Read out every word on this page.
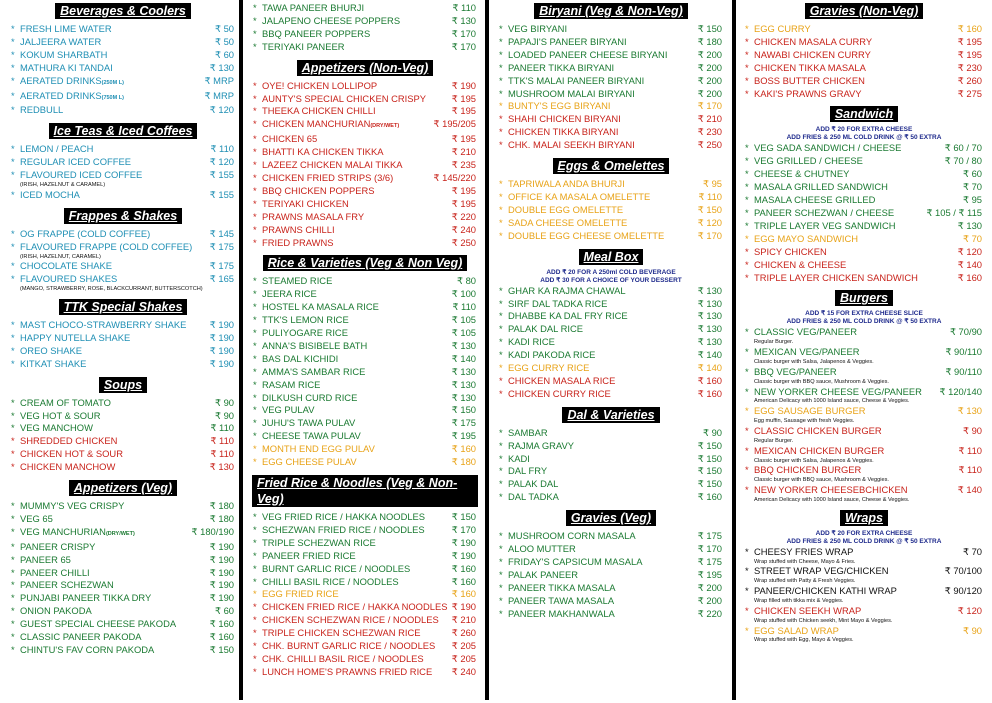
Beverages & Coolers
* FRESH LIME WATER	₹ 50
* JALJEERA WATER	₹ 50
* KOKUM SHARBATH	₹ 60
* MATHURA KI TANDAI	₹ 130
* AERATED DRINKS(250M L)	₹ MRP
* AERATED DRINKS(750M L)	₹ MRP
* REDBULL	₹ 120
Ice Teas & Iced Coffees
* LEMON / PEACH	₹ 110
* REGULAR ICED COFFEE	₹ 120
* FLAVOURED ICED COFFEE	₹ 155
(IRISH, HAZELNUT & CARAMEL)
* ICED MOCHA	₹ 155
Frappes & Shakes
* OG FRAPPE (COLD COFFEE)	₹ 145
* FLAVOURED FRAPPE (COLD COFFEE) ₹ 175
(IRISH, HAZELNUT, CARAMEL)
* CHOCOLATE SHAKE	₹ 175
* FLAVOURED SHAKES	₹ 165
(MANGO, STRAWBERRY, ROSE, BLACKCURRANT, BUTTERSCOTCH)
TTK Special Shakes
* MAST CHOCO-STRAWBERRY SHAKE ₹ 190
* HAPPY NUTELLA SHAKE	₹ 190
* OREO SHAKE	₹ 190
* KITKAT SHAKE	₹ 190
Soups
* CREAM OF TOMATO	₹ 90
* VEG HOT & SOUR	₹ 90
* VEG MANCHOW	₹ 110
* SHREDDED CHICKEN	₹ 110
* CHICKEN HOT & SOUR	₹ 110
* CHICKEN MANCHOW	₹ 130
Appetizers (Veg)
* MUMMY'S VEG CRISPY	₹ 180
* VEG 65	₹ 180
* VEG MANCHURIAN(DRY/WET)	₹ 180/190
* PANEER CRISPY	₹ 190
* PANEER 65	₹ 190
* PANEER CHILLI	₹ 190
* PANEER SCHEZWAN	₹ 190
* PUNJABI PANEER TIKKA DRY	₹ 190
* ONION PAKODA	₹ 60
* GUEST SPECIAL CHEESE PAKODA	₹ 160
* CLASSIC PANEER PAKODA	₹ 160
* CHINTU'S FAV CORN PAKODA	₹ 150
* TAWA PANEER BHURJI	₹ 110
* JALAPENO CHEESE POPPERS	₹ 130
* BBQ PANEER POPPERS	₹ 170
* TERIYAKI PANEER	₹ 170
Appetizers (Non-Veg)
* OYE! CHICKEN LOLLIPOP	₹ 190
* AUNTY'S SPECIAL CHICKEN CRISPY	₹ 195
* THEEKA CHICKEN CHILLI	₹ 195
* CHICKEN MANCHURIAN(DRY/WET)	₹ 195/205
* CHICKEN 65	₹ 195
* BHATTI KA CHICKEN TIKKA	₹ 210
* LAZEEZ CHICKEN MALAI TIKKA	₹ 235
* CHICKEN FRIED STRIPS (3/6)	₹ 145/220
* BBQ CHICKEN POPPERS	₹ 195
* TERIYAKI CHICKEN	₹ 195
* PRAWNS MASALA FRY	₹ 220
* PRAWNS CHILLI	₹ 240
* FRIED PRAWNS	₹ 250
Rice & Varieties (Veg & Non Veg)
* STEAMED RICE	₹ 80
* JEERA RICE	₹ 100
* HOSTEL KA MASALA RICE	₹ 110
* TTK'S LEMON RICE	₹ 105
* PULIYOGARE RICE	₹ 105
* ANNA'S BISIBELE BATH	₹ 130
* BAS DAL KICHIDI	₹ 140
* AMMA'S SAMBAR RICE	₹ 130
* RASAM RICE	₹ 130
* DILKUSH CURD RICE	₹ 130
* VEG PULAV	₹ 150
* JUHU'S TAWA PULAV	₹ 175
* CHEESE TAWA PULAV	₹ 195
* MONTH END EGG PULAV	₹ 160
* EGG CHEESE PULAV	₹ 180
Fried Rice & Noodles (Veg & Non-Veg)
* VEG FRIED RICE / HAKKA NOODLES	₹ 150
* SCHEZWAN FRIED RICE / NOODLES	₹ 170
* TRIPLE SCHEZWAN RICE	₹ 190
* PANEER FRIED RICE	₹ 190
* BURNT GARLIC RICE / NOODLES	₹ 160
* CHILLI BASIL RICE / NOODLES	₹ 160
* EGG FRIED RICE	₹ 160
* CHICKEN FRIED RICE / HAKKA NOODLES ₹ 190
* CHICKEN SCHEZWAN RICE / NOODLES ₹ 210
* TRIPLE CHICKEN SCHEZWAN RICE	₹ 260
* CHK. BURNT GARLIC RICE / NOODLES ₹ 205
* CHK. CHILLI BASIL RICE / NOODLES	₹ 205
* LUNCH HOME'S PRAWNS FRIED RICE ₹ 240
Biryani (Veg & Non-Veg)
* VEG BIRYANI	₹ 150
* PAPAJI'S PANEER BIRYANI	₹ 180
* LOADED PANEER CHEESE BIRYANI	₹ 200
* PANEER TIKKA BIRYANI	₹ 200
* TTK'S MALAI PANEER BIRYANI	₹ 200
* MUSHROOM MALAI BIRYANI	₹ 200
* BUNTY'S EGG BIRYANI	₹ 170
* SHAHI CHICKEN BIRYANI	₹ 210
* CHICKEN TIKKA BIRYANI	₹ 230
* CHK. MALAI SEEKH BIRYANI	₹ 250
Eggs & Omelettes
* TAPRIWALA ANDA BHURJI	₹ 95
* OFFICE KA MASALA OMELETTE	₹ 110
* DOUBLE EGG OMELETTE	₹ 150
* SADA CHEESE OMELETTE	₹ 120
* DOUBLE EGG CHEESE OMELETTE	₹ 170
Meal Box
ADD ₹ 20 FOR A 250ml COLD BEVERAGE
ADD ₹ 30 FOR A CHOICE OF YOUR DESSERT
* GHAR KA RAJMA CHAWAL	₹ 130
* SIRF DAL TADKA RICE	₹ 130
* DHABBE KA DAL FRY RICE	₹ 130
* PALAK DAL RICE	₹ 130
* KADI RICE	₹ 130
* KADI PAKODA RICE	₹ 140
* EGG CURRY RICE	₹ 140
* CHICKEN MASALA RICE	₹ 160
* CHICKEN CURRY RICE	₹ 160
Dal & Varieties
* SAMBAR	₹ 90
* RAJMA GRAVY	₹ 150
* KADI	₹ 150
* DAL FRY	₹ 150
* PALAK DAL	₹ 150
* DAL TADKA	₹ 160
Gravies (Veg)
* MUSHROOM CORN MASALA	₹ 175
* ALOO MUTTER	₹ 170
* FRIDAY'S CAPSICUM MASALA	₹ 175
* PALAK PANEER	₹ 195
* PANEER TIKKA MASALA	₹ 200
* PANEER TAWA MASALA	₹ 200
* PANEER MAKHANWALA	₹ 220
Gravies (Non-Veg)
* EGG CURRY	₹ 160
* CHICKEN MASALA CURRY	₹ 195
* NAWABI CHICKEN CURRY	₹ 195
* CHICKEN TIKKA MASALA	₹ 230
* BOSS BUTTER CHICKEN	₹ 260
* KAKI'S PRAWNS GRAVY	₹ 275
Sandwich
ADD ₹ 20 FOR EXTRA CHEESE
ADD FRIES & 250 ML COLD DRINK @ ₹ 50 EXTRA
* VEG SADA SANDWICH / CHEESE	₹ 60 / 70
* VEG GRILLED / CHEESE	₹ 70 / 80
* CHEESE & CHUTNEY	₹ 60
* MASALA GRILLED SANDWICH	₹ 70
* MASALA CHEESE GRILLED	₹ 95
* PANEER SCHEZWAN / CHEESE	₹ 105 / ₹ 115
* TRIPLE LAYER VEG SANDWICH	₹ 130
* EGG MAYO SANDWICH	₹ 70
* SPICY CHICKEN	₹ 120
* CHICKEN & CHEESE	₹ 140
* TRIPLE LAYER CHICKEN SANDWICH	₹ 160
Burgers
ADD ₹ 15 FOR EXTRA CHEESE SLICE
ADD FRIES & 250 ML COLD DRINK @ ₹ 50 EXTRA
* CLASSIC VEG/PANEER	₹ 70/90
Regular Burger.
* MEXICAN VEG/PANEER	₹ 90/110
Classic burger with Salsa, Jalapenos & Veggies.
* BBQ VEG/PANEER	₹ 90/110
Classic burger with BBQ sauce, Mushroom & Veggies.
* NEW YORKER CHEESE VEG/PANEER ₹ 120/140
American Delicacy with 1000 Island sauce, Cheese & Veggies.
* EGG SAUSAGE BURGER	₹ 130
Egg muffin, Sausage with fresh Veggies.
* CLASSIC CHICKEN BURGER	₹ 90
Regular Burger.
* MEXICAN CHICKEN BURGER	₹ 110
Classic burger with Salsa, Jalapenos & Veggies.
* BBQ CHICKEN BURGER	₹ 110
Classic burger with BBQ sauce, Mushroom & Veggies.
* NEW YORKER CHEESEBCHICKEN	₹ 140
American Delicacy with 1000 Island sauce, Cheese & Veggies.
Wraps
ADD ₹ 20 FOR EXTRA CHEESE
ADD FRIES & 250 ML COLD DRINK @ ₹ 50 EXTRA
* CHEESY FRIES WRAP	₹ 70
Wrap stuffed with Cheese, Mayo & Fries.
* STREET WRAP VEG/CHICKEN	₹ 70/100
Wrap stuffed with Patty & Fresh Veggies.
* PANEER/CHICKEN KATHI WRAP	₹ 90/120
Wrap filled with tikka mix & Veggies.
* CHICKEN SEEKH WRAP	₹ 120
Wrap stuffed with Chicken seekh, Mint Mayo & Veggies.
* EGG SALAD WRAP	₹ 90
Wrap stuffed with Egg, Mayo & Veggies.
